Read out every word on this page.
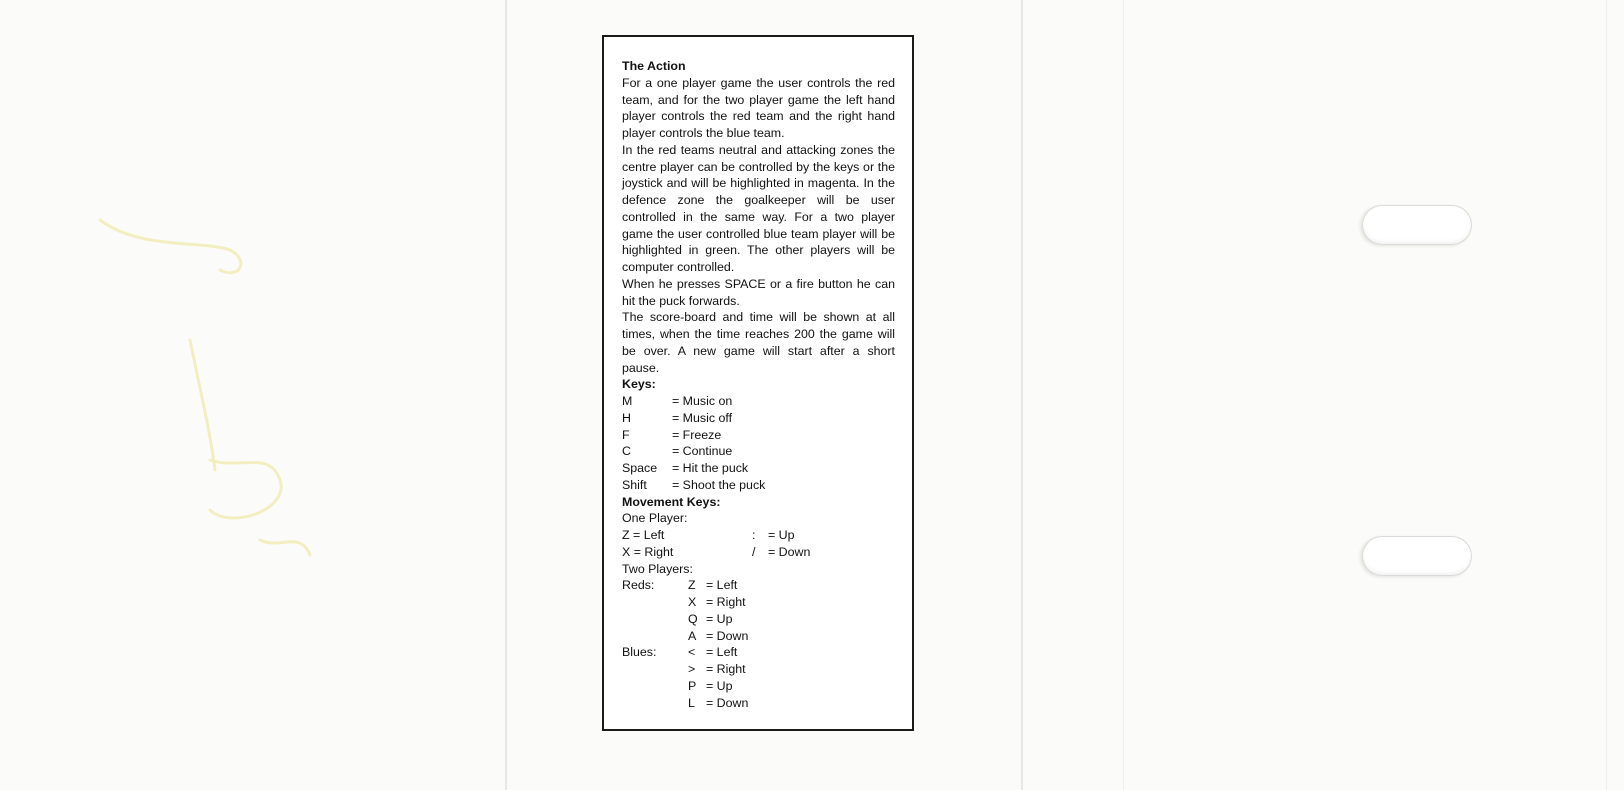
The Action

For a one player game the user controls the red team, and for the two player game the left hand player controls the red team and the right hand player controls the blue team.

In the red teams neutral and attacking zones the centre player can be controlled by the keys or the joystick and will be highlighted in magenta. In the defence zone the goalkeeper will be user controlled in the same way. For a two player game the user controlled blue team player will be highlighted in green. The other players will be computer controlled.

When he presses SPACE or a fire button he can hit the puck forwards.

The score-board and time will be shown at all times, when the time reaches 200 the game will be over. A new game will start after a short pause.

Keys:
M	= Music on
H	= Music off
F	= Freeze
C	= Continue
Space	= Hit the puck
Shift	= Shoot the puck
Movement Keys:
One Player:
Z = Left	: = Up
X = Right	/ = Down
Two Players:
Reds:	Z = Left
X = Right
Q = Up
A = Down
Blues:	< = Left
> = Right
P = Up
L = Down
